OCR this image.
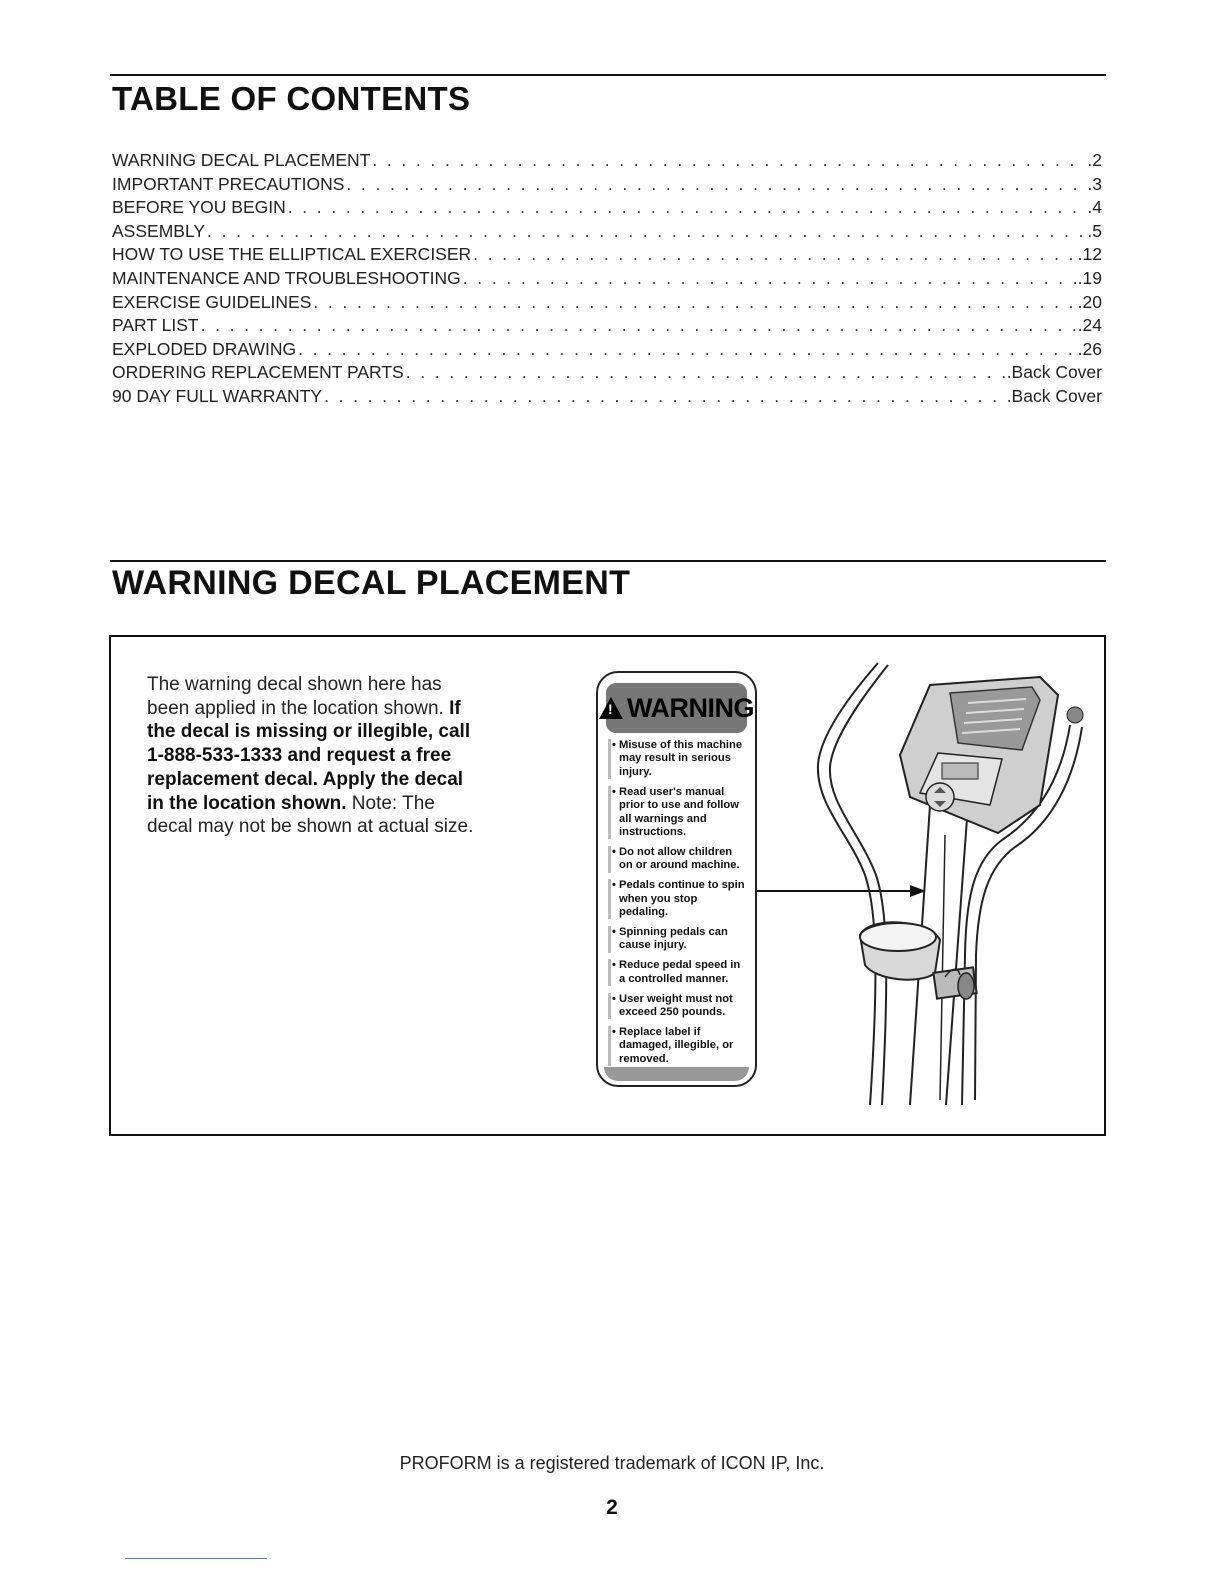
TABLE OF CONTENTS
WARNING DECAL PLACEMENT . . .	.2
IMPORTANT PRECAUTIONS . . .	.3
BEFORE YOU BEGIN . . .	.4
ASSEMBLY . . .	.5
HOW TO USE THE ELLIPTICAL EXERCISER . . .	.12
MAINTENANCE AND TROUBLESHOOTING . . .	.19
EXERCISE GUIDELINES . . .	.20
PART LIST . . .	.24
EXPLODED DRAWING . . .	.26
ORDERING REPLACEMENT PARTS . . .	.Back Cover
90 DAY FULL WARRANTY . . .	.Back Cover
WARNING DECAL PLACEMENT
The warning decal shown here has been applied in the location shown. If the decal is missing or illegible, call 1-888-533-1333 and request a free replacement decal. Apply the decal in the location shown. Note: The decal may not be shown at actual size.
!
WARNING
• Misuse of this machine may result in serious injury.
• Read user's manual prior to use and follow all warnings and instructions.
• Do not allow children on or around machine.
• Pedals continue to spin when you stop pedaling.
• Spinning pedals can cause injury.
• Reduce pedal speed in a controlled manner.
• User weight must not exceed 250 pounds.
• Replace label if damaged, illegible, or removed.
PROFORM is a registered trademark of ICON IP, Inc.
2
